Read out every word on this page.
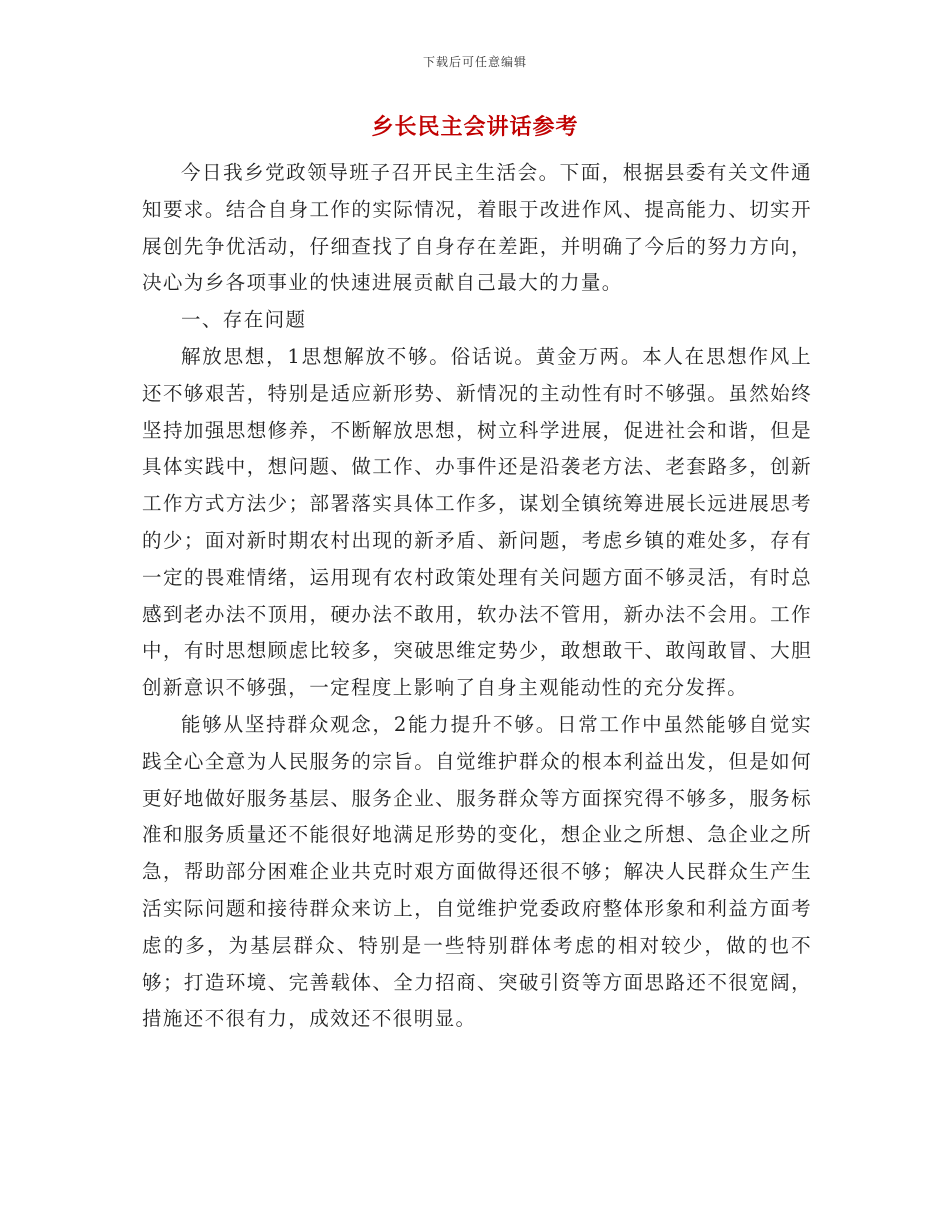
下载后可任意编辑
乡长民主会讲话参考

今日我乡党政领导班子召开民主生活会。下面，根据县委有关文件通知要求。结合自身工作的实际情况，着眼于改进作风、提高能力、切实开展创先争优活动，仔细查找了自身存在差距，并明确了今后的努力方向，决心为乡各项事业的快速进展贡献自己最大的力量。

一、存在问题

解放思想，1思想解放不够。俗话说。黄金万两。本人在思想作风上还不够艰苦，特别是适应新形势、新情况的主动性有时不够强。虽然始终坚持加强思想修养，不断解放思想，树立科学进展，促进社会和谐，但是具体实践中，想问题、做工作、办事件还是沿袭老方法、老套路多，创新工作方式方法少；部署落实具体工作多，谋划全镇统筹进展长远进展思考的少；面对新时期农村出现的新矛盾、新问题，考虑乡镇的难处多，存有一定的畏难情绪，运用现有农村政策处理有关问题方面不够灵活，有时总感到老办法不顶用，硬办法不敢用，软办法不管用，新办法不会用。工作中，有时思想顾虑比较多，突破思维定势少，敢想敢干、敢闯敢冒、大胆创新意识不够强，一定程度上影响了自身主观能动性的充分发挥。

能够从坚持群众观念，2能力提升不够。日常工作中虽然能够自觉实践全心全意为人民服务的宗旨。自觉维护群众的根本利益出发，但是如何更好地做好服务基层、服务企业、服务群众等方面探究得不够多，服务标准和服务质量还不能很好地满足形势的变化，想企业之所想、急企业之所急，帮助部分困难企业共克时艰方面做得还很不够；解决人民群众生产生活实际问题和接待群众来访上，自觉维护党委政府整体形象和利益方面考虑的多，为基层群众、特别是一些特别群体考虑的相对较少，做的也不够；打造环境、完善载体、全力招商、突破引资等方面思路还不很宽阔，措施还不很有力，成效还不很明显。
